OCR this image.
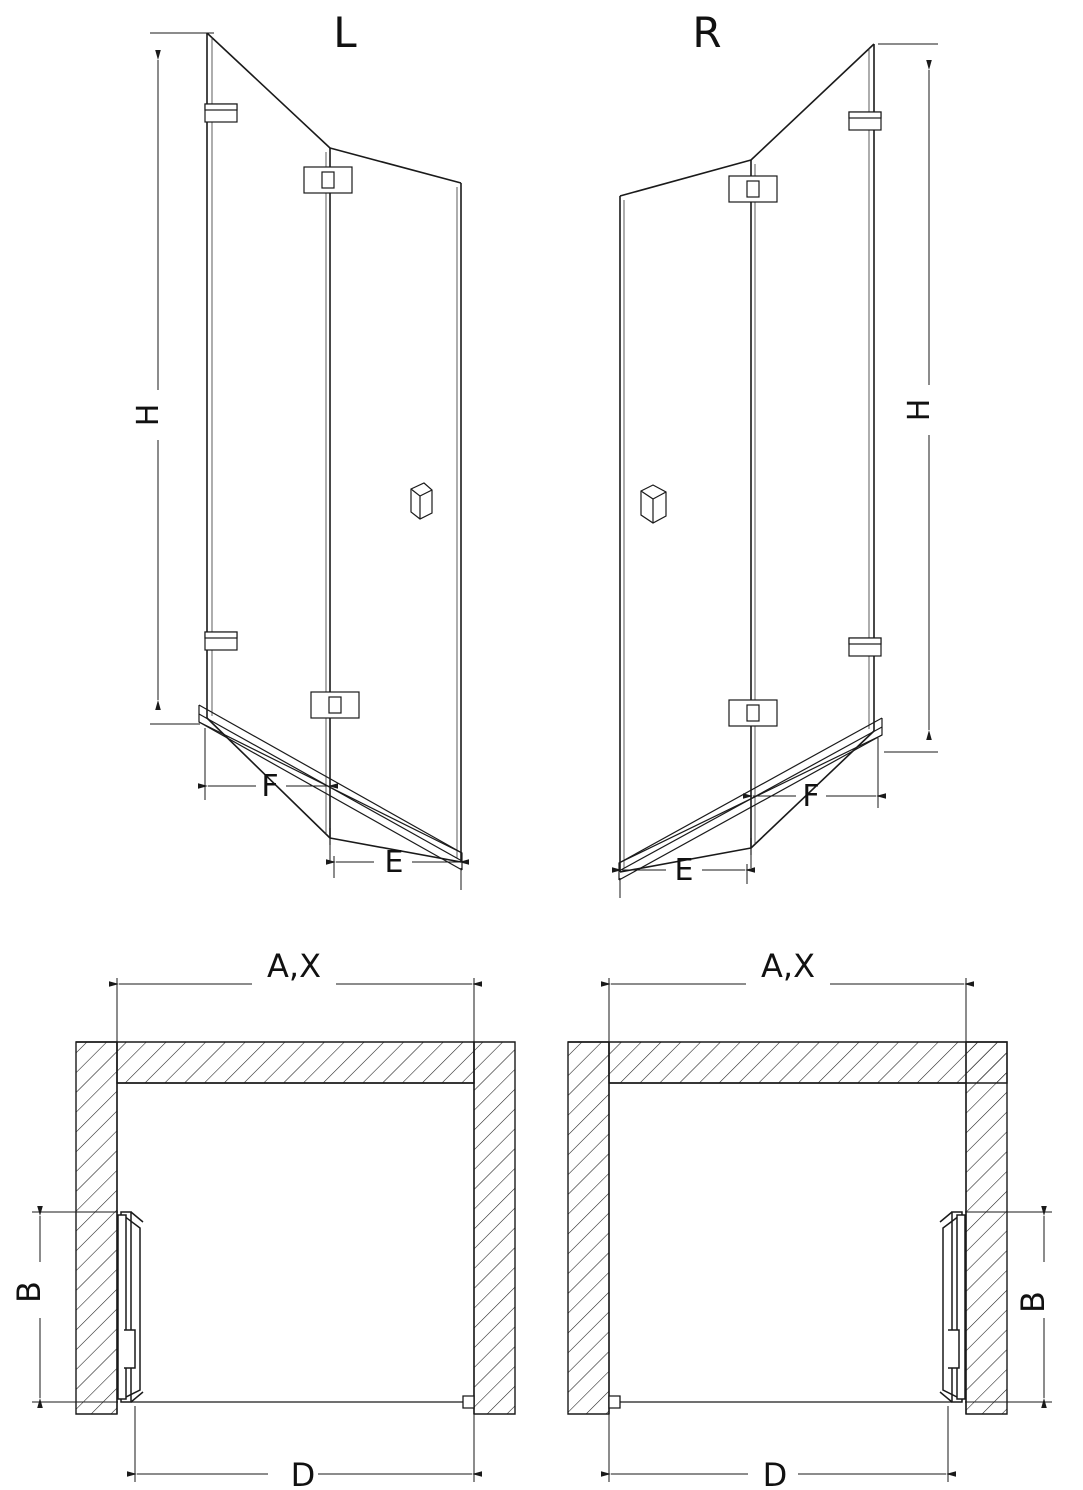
L	R
H	H
F
E
F
E
A,X	A,X
B	B
D	D
